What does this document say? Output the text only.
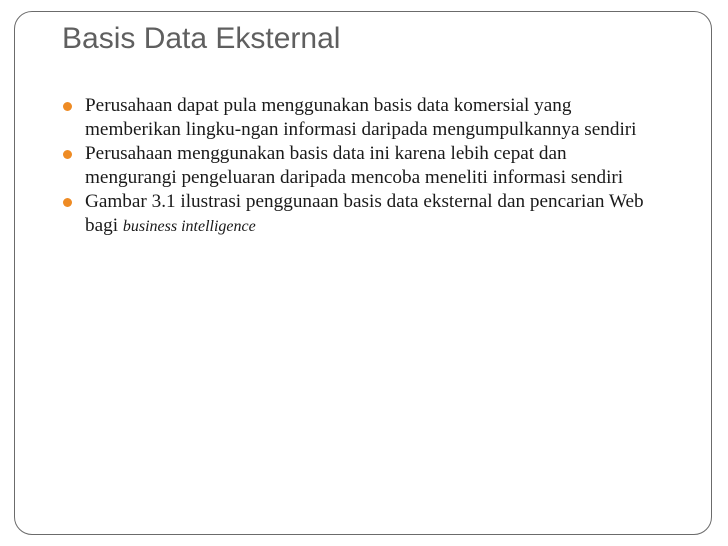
Basis Data Eksternal
Perusahaan dapat pula menggunakan basis data komersial yang memberikan lingku-ngan informasi daripada mengumpulkannya sendiri
Perusahaan menggunakan basis data ini karena lebih cepat dan mengurangi pengeluaran daripada mencoba meneliti informasi sendiri
Gambar 3.1 ilustrasi penggunaan basis data eksternal dan pencarian Web bagi business intelligence
